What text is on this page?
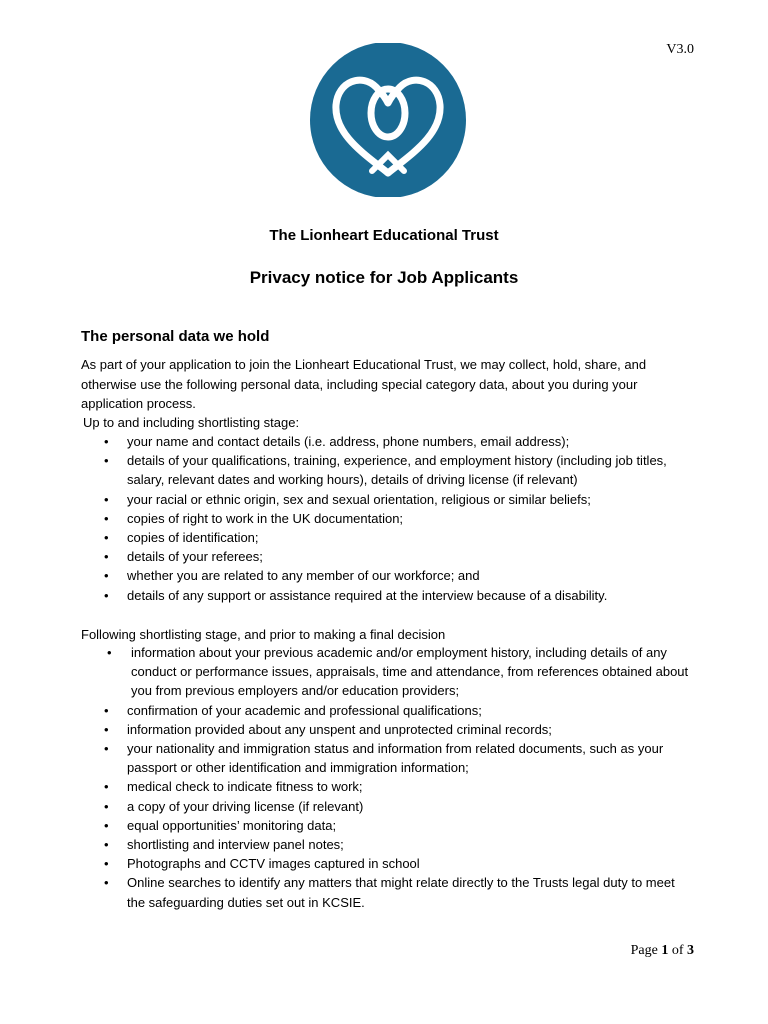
V3.0
The Lionheart Educational Trust
Privacy notice for Job Applicants
The personal data we hold
As part of your application to join the Lionheart Educational Trust, we may collect, hold, share, and otherwise use the following personal data, including special category data, about you during your application process.
Up to and including shortlisting stage:
• your name and contact details (i.e. address, phone numbers, email address);
• details of your qualifications, training, experience, and employment history (including job titles, salary, relevant dates and working hours), details of driving license (if relevant)
• your racial or ethnic origin, sex and sexual orientation, religious or similar beliefs;
• copies of right to work in the UK documentation;
• copies of identification;
• details of your referees;
• whether you are related to any member of our workforce; and
• details of any support or assistance required at the interview because of a disability.
Following shortlisting stage, and prior to making a final decision
• information about your previous academic and/or employment history, including details of any conduct or performance issues, appraisals, time and attendance, from references obtained about you from previous employers and/or education providers;
• confirmation of your academic and professional qualifications;
• information provided about any unspent and unprotected criminal records;
• your nationality and immigration status and information from related documents, such as your passport or other identification and immigration information;
• medical check to indicate fitness to work;
• a copy of your driving license (if relevant)
• equal opportunities’ monitoring data;
• shortlisting and interview panel notes;
• Photographs and CCTV images captured in school
• Online searches to identify any matters that might relate directly to the Trusts legal duty to meet the safeguarding duties set out in KCSIE.
Page 1 of 3
